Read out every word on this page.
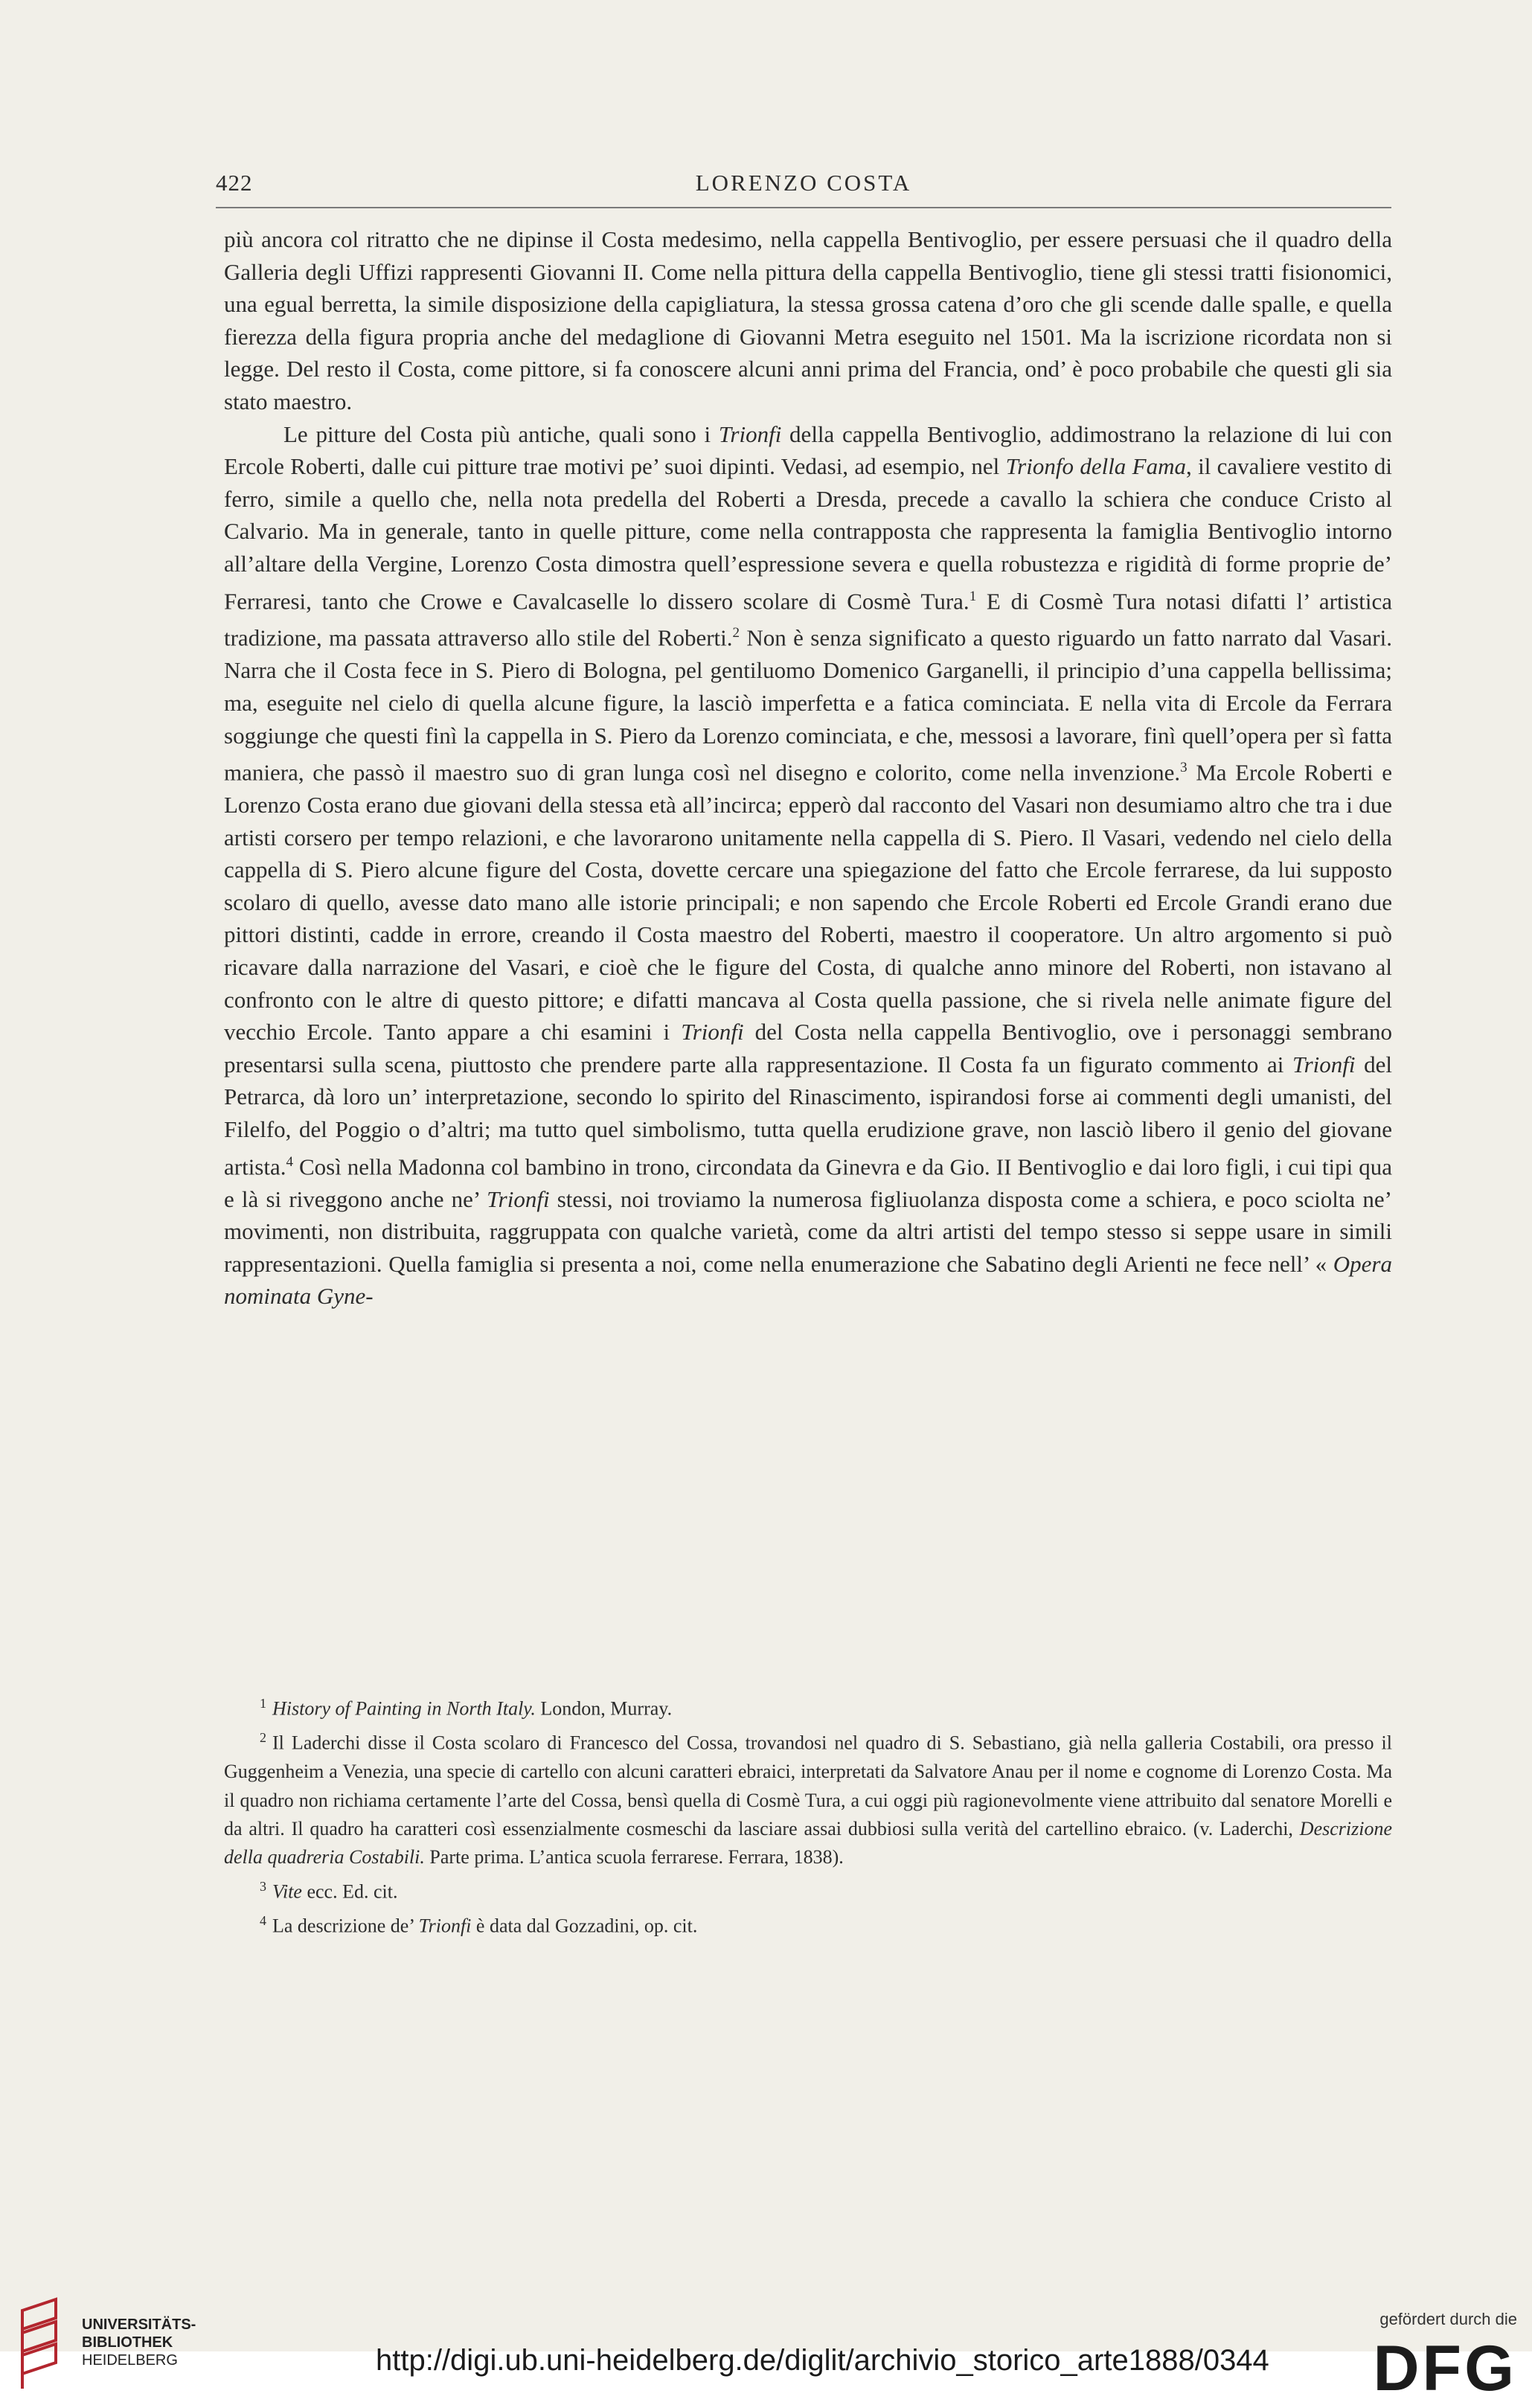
422	LORENZO COSTA

più ancora col ritratto che ne dipinse il Costa medesimo, nella cappella Bentivoglio, per essere persuasi che il quadro della Galleria degli Uffizi rappresenti Giovanni II. Come nella pittura della cappella Bentivoglio, tiene gli stessi tratti fisionomici, una egual berretta, la simile disposizione della capigliatura, la stessa grossa catena d’oro che gli scende dalle spalle, e quella fierezza della figura propria anche del medaglione di Giovanni Metra eseguito nel 1501. Ma la iscrizione ricordata non si legge. Del resto il Costa, come pittore, si fa conoscere alcuni anni prima del Francia, ond’ è poco probabile che questi gli sia stato maestro.

Le pitture del Costa più antiche, quali sono i Trionfi della cappella Bentivoglio, addimostrano la relazione di lui con Ercole Roberti, dalle cui pitture trae motivi pe’ suoi dipinti. Vedasi, ad esempio, nel Trionfo della Fama, il cavaliere vestito di ferro, simile a quello che, nella nota predella del Roberti a Dresda, precede a cavallo la schiera che conduce Cristo al Calvario. Ma in generale, tanto in quelle pitture, come nella contrapposta che rappresenta la famiglia Bentivoglio intorno all’altare della Vergine, Lorenzo Costa dimostra quell’espressione severa e quella robustezza e rigidità di forme proprie de’ Ferraresi, tanto che Crowe e Cavalcaselle lo dissero scolare di Cosmè Tura.$^1$ E di Cosmè Tura notasi difatti l’ artistica tradizione, ma passata attraverso allo stile del Roberti.$^2$ Non è senza significato a questo riguardo un fatto narrato dal Vasari. Narra che il Costa fece in S. Piero di Bologna, pel gentiluomo Domenico Garganelli, il principio d’una cappella bellissima; ma, eseguite nel cielo di quella alcune figure, la lasciò imperfetta e a fatica cominciata. E nella vita di Ercole da Ferrara soggiunge che questi finì la cappella in S. Piero da Lorenzo cominciata, e che, messosi a lavorare, finì quell’opera per sì fatta maniera, che passò il maestro suo di gran lunga così nel disegno e colorito, come nella invenzione.$^3$ Ma Ercole Roberti e Lorenzo Costa erano due giovani della stessa età all’incirca; epperò dal racconto del Vasari non desumiamo altro che tra i due artisti corsero per tempo relazioni, e che lavorarono unitamente nella cappella di S. Piero. Il Vasari, vedendo nel cielo della cappella di S. Piero alcune figure del Costa, dovette cercare una spiegazione del fatto che Ercole ferrarese, da lui supposto scolaro di quello, avesse dato mano alle istorie principali; e non sapendo che Ercole Roberti ed Ercole Grandi erano due pittori distinti, cadde in errore, creando il Costa maestro del Roberti, maestro il cooperatore. Un altro argomento si può ricavare dalla narrazione del Vasari, e cioè che le figure del Costa, di qualche anno minore del Roberti, non istavano al confronto con le altre di questo pittore; e difatti mancava al Costa quella passione, che si rivela nelle animate figure del vecchio Ercole. Tanto appare a chi esamini i Trionfi del Costa nella cappella Bentivoglio, ove i personaggi sembrano presentarsi sulla scena, piuttosto che prendere parte alla rappresentazione. Il Costa fa un figurato commento ai Trionfi del Petrarca, dà loro un’ interpretazione, secondo lo spirito del Rinascimento, ispirandosi forse ai commenti degli umanisti, del Filelfo, del Poggio o d’altri; ma tutto quel simbolismo, tutta quella erudizione grave, non lasciò libero il genio del giovane artista.$^4$ Così nella Madonna col bambino in trono, circondata da Ginevra e da Gio. II Bentivoglio e dai loro figli, i cui tipi qua e là si riveggono anche ne’ Trionfi stessi, noi troviamo la numerosa figliuolanza disposta come a schiera, e poco sciolta ne’ movimenti, non distribuita, raggruppata con qualche varietà, come da altri artisti del tempo stesso si seppe usare in simili rappresentazioni. Quella famiglia si presenta a noi, come nella enumerazione che Sabatino degli Arienti ne fece nell’ « Opera nominata Gyne-

$^1$ History of Painting in North Italy. London, Murray.

$^2$ Il Laderchi disse il Costa scolaro di Francesco del Cossa, trovandosi nel quadro di S. Sebastiano, già nella galleria Costabili, ora presso il Guggenheim a Venezia, una specie di cartello con alcuni caratteri ebraici, interpretati da Salvatore Anau per il nome e cognome di Lorenzo Costa. Ma il quadro non richiama certamente l’arte del Cossa, bensì quella di Cosmè Tura, a cui oggi più ragionevolmente viene attribuito dal senatore Morelli e da altri. Il quadro ha caratteri così essenzialmente cosmeschi da lasciare assai dubbiosi sulla verità del cartellino ebraico. (v. Laderchi, Descrizione della quadreria Costabili. Parte prima. L’antica scuola ferrarese. Ferrara, 1838).

$^3$ Vite ecc. Ed. cit.

$^4$ La descrizione de’ Trionfi è data dal Gozzadini, op. cit.

UNIVERSITÄTS-
BIBLIOTHEK
HEIDELBERG	http://digi.ub.uni-heidelberg.de/diglit/archivio_storico_arte1888/0344
gefördert durch die
DFG
